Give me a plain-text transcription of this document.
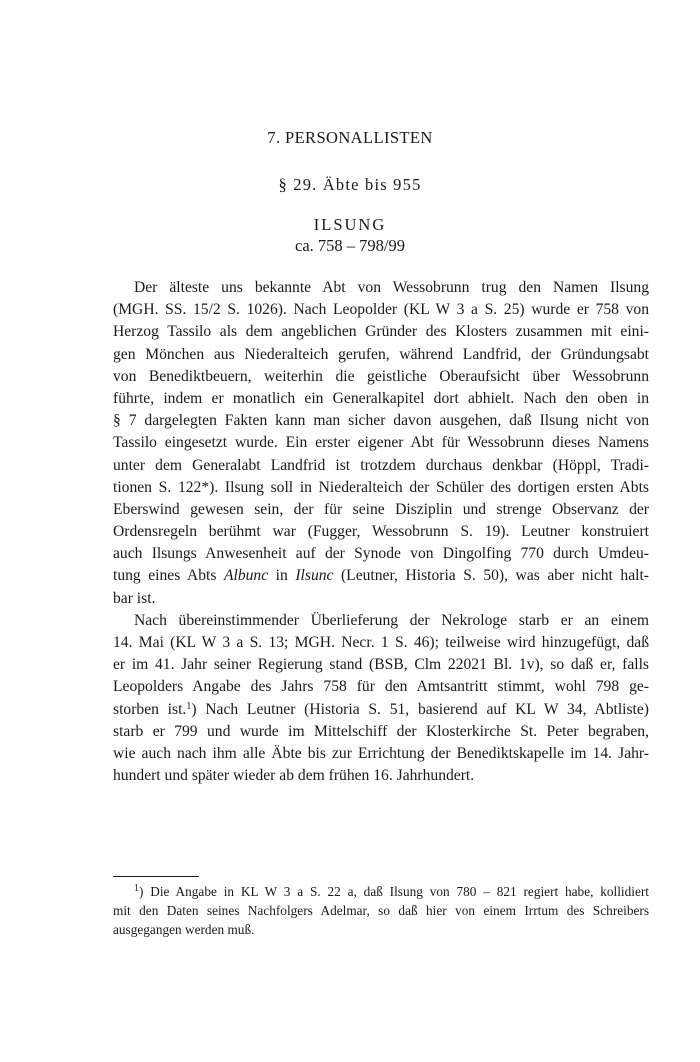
7. PERSONALLISTEN
§ 29. Äbte bis 955
ILSUNG
ca. 758 – 798/99
Der älteste uns bekannte Abt von Wessobrunn trug den Namen Ilsung
(MGH. SS. 15/2 S. 1026). Nach Leopolder (KL W 3 a S. 25) wurde er 758 von
Herzog Tassilo als dem angeblichen Gründer des Klosters zusammen mit eini-
gen Mönchen aus Niederalteich gerufen, während Landfrid, der Gründungsabt
von Benediktbeuern, weiterhin die geistliche Oberaufsicht über Wessobrunn
führte, indem er monatlich ein Generalkapitel dort abhielt. Nach den oben in
§ 7 dargelegten Fakten kann man sicher davon ausgehen, daß Ilsung nicht von
Tassilo eingesetzt wurde. Ein erster eigener Abt für Wessobrunn dieses Namens
unter dem Generalabt Landfrid ist trotzdem durchaus denkbar (Höppl, Tradi-
tionen S. 122*). Ilsung soll in Niederalteich der Schüler des dortigen ersten Abts
Eberswind gewesen sein, der für seine Disziplin und strenge Observanz der
Ordensregeln berühmt war (Fugger, Wessobrunn S. 19). Leutner konstruiert
auch Ilsungs Anwesenheit auf der Synode von Dingolfing 770 durch Umdeu-
tung eines Abts Albunc in Ilsunc (Leutner, Historia S. 50), was aber nicht halt-
bar ist.
Nach übereinstimmender Überlieferung der Nekrologe starb er an einem
14. Mai (KL W 3 a S. 13; MGH. Necr. 1 S. 46); teilweise wird hinzugefügt, daß
er im 41. Jahr seiner Regierung stand (BSB, Clm 22021 Bl. 1v), so daß er, falls
Leopolders Angabe des Jahrs 758 für den Amtsantritt stimmt, wohl 798 ge-
storben ist.$^1$) Nach Leutner (Historia S. 51, basierend auf KL W 34, Abtliste)
starb er 799 und wurde im Mittelschiff der Klosterkirche St. Peter begraben,
wie auch nach ihm alle Äbte bis zur Errichtung der Benediktskapelle im 14. Jahr-
hundert und später wieder ab dem frühen 16. Jahrhundert.
$^1$) Die Angabe in KL W 3 a S. 22 a, daß Ilsung von 780 – 821 regiert habe, kollidiert
mit den Daten seines Nachfolgers Adelmar, so daß hier von einem Irrtum des Schreibers
ausgegangen werden muß.
